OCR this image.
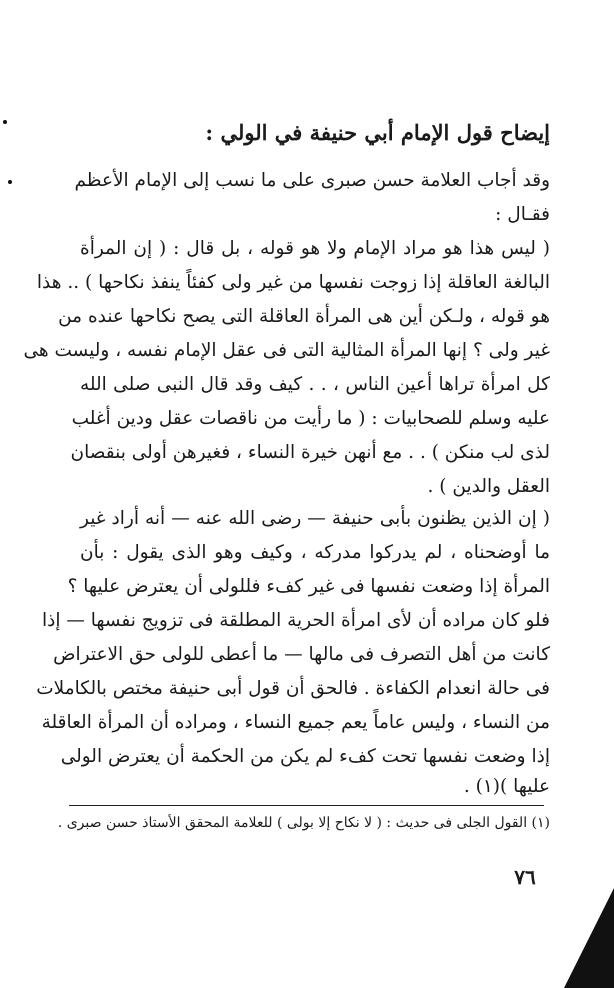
إيضاح قول الإمام أبي حنيفة في الولي :
وقد أجاب العلامة حسن صبرى على ما نسب إلى الإمام الأعظم
فقـال :
( ليس هذا هو مراد الإمام ولا هو قوله ، بل قال : ( إن المرأة
البالغة العاقلة إذا زوجت نفسها من غير ولى كفئاً ينفذ نكاحها ) .. هذا
هو قوله ، ولـكن أين هى المرأة العاقلة التى يصح نكاحها عنده من
غير ولى ؟ إنها المرأة المثالية التى فى عقل الإمام نفسه ، وليست هى
كل امرأة تراها أعين الناس ، . . كيف وقد قال النبى صلى الله
عليه وسلم للصحابيات : ( ما رأيت من ناقصات عقل ودين أغلب
لذى لب منكن ) . . مع أنهن خيرة النساء ، فغيرهن أولى بنقصان
العقل والدين ) .
( إن الذين يظنون بأبى حنيفة — رضى الله عنه — أنه أراد غير
ما أوضحناه ، لم يدركوا مدركه ، وكيف وهو الذى يقول : بأن
المرأة إذا وضعت نفسها فى غير كفء فللولى أن يعترض عليها ؟
فلو كان مراده أن لأى امرأة الحرية المطلقة فى تزويج نفسها — إذا
كانت من أهل التصرف فى مالها — ما أعطى للولى حق الاعتراض
فى حالة انعدام الكفاءة . فالحق أن قول أبى حنيفة مختص بالكاملات
من النساء ، وليس عاماً يعم جميع النساء ، ومراده أن المرأة العاقلة
إذا وضعت نفسها تحت كفء لم يكن من الحكمة أن يعترض الولى
عليها )(١) .
(١) القول الجلى فى حديث : ( لا نكاح إلا بولى ) للعلامة المحقق الأستاذ حسن صبرى .
٧٦
